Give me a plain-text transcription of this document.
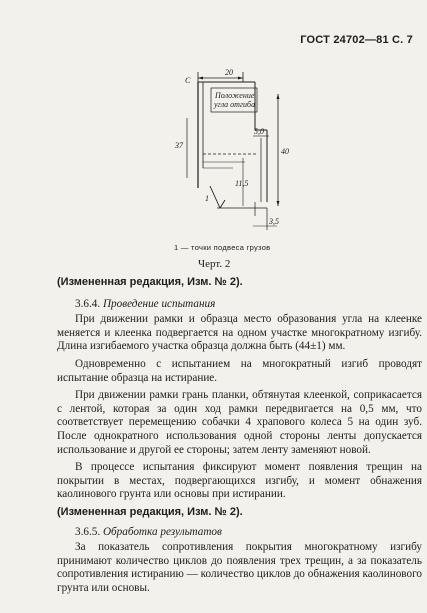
ГОСТ 24702—81 С. 7
20
С
Положение
угла отгиба
40
37
5,0
11,5
3,5
1
1 — точки подвеса грузов
Черт. 2
(Измененная редакция, Изм. № 2).
3.6.4. Проведение испытания

При движении рамки и образца место образования угла на клеенке меняется и клеенка подвергается на одном участке многократному изгибу. Длина изгибаемого участка образца должна быть (44±1) мм.

Одновременно с испытанием на многократный изгиб проводят испытание образца на истирание.

При движении рамки грань планки, обтянутая клеенкой, соприкасается с лентой, которая за один ход рамки передвигается на 0,5 мм, что соответствует перемещению собачки 4 храпового колеса 5 на один зуб. После однократного использования одной стороны ленты допускается использование и другой ее стороны; затем ленту заменяют новой.

В процессе испытания фиксируют момент появления трещин на покрытии в местах, подвергающихся изгибу, и момент обнажения каолинового грунта или основы при истирании.

(Измененная редакция, Изм. № 2).
3.6.5. Обработка результатов

За показатель сопротивления покрытия многократному изгибу принимают количество циклов до появления трех трещин, а за показатель сопротивления истиранию — количество циклов до обнажения каолинового грунта или основы.
